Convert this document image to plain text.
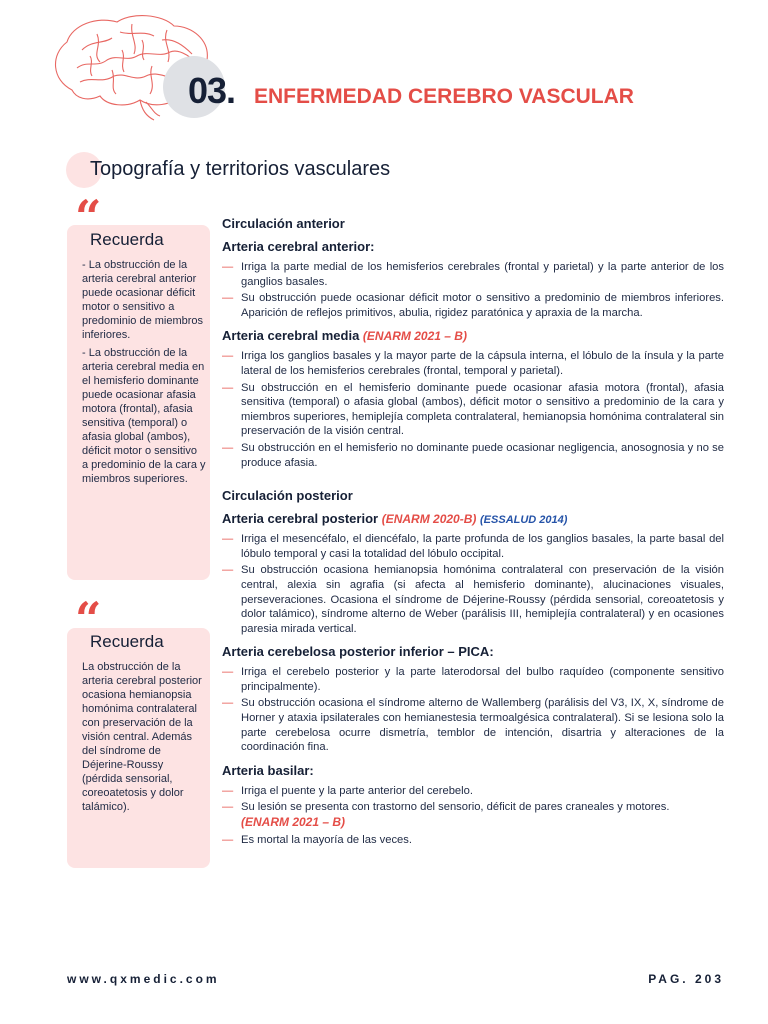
03. ENFERMEDAD CEREBRO VASCULAR
Topografía y territorios vasculares
“
Recuerda

- La obstrucción de la arteria cerebral anterior puede ocasionar déficit motor o sensitivo a predominio de miembros inferiores.

- La obstrucción de la arteria cerebral media en el hemisferio dominante puede ocasionar afasia motora (frontal), afasia sensitiva (temporal) o afasia global (ambos), déficit motor o sensitivo a predominio de la cara y miembros superiores.

“
Recuerda

La obstrucción de la arteria cerebral posterior ocasiona hemianopsia homónima contralateral con preservación de la visión central. Además del síndrome de Déjerine-Roussy (pérdida sensorial, coreoatetosis y dolor talámico).

Circulación anterior
Arteria cerebral anterior:
— Irriga la parte medial de los hemisferios cerebrales (frontal y parietal) y la parte anterior de los ganglios basales.
— Su obstrucción puede ocasionar déficit motor o sensitivo a predominio de miembros inferiores. Aparición de reflejos primitivos, abulia, rigidez paratónica y apraxia de la marcha.
Arteria cerebral media (ENARM 2021 – B)
— Irriga los ganglios basales y la mayor parte de la cápsula interna, el lóbulo de la ínsula y la parte lateral de los hemisferios cerebrales (frontal, temporal y parietal).
— Su obstrucción en el hemisferio dominante puede ocasionar afasia motora (frontal), afasia sensitiva (temporal) o afasia global (ambos), déficit motor o sensitivo a predominio de la cara y miembros superiores, hemiplejía completa contralateral, hemianopsia homónima contralateral sin preservación de la visión central.
— Su obstrucción en el hemisferio no dominante puede ocasionar negligencia, anosognosia y no se produce afasia.
Circulación posterior
Arteria cerebral posterior (ENARM 2020-B) (ESSALUD 2014)
— Irriga el mesencéfalo, el diencéfalo, la parte profunda de los ganglios basales, la parte basal del lóbulo temporal y casi la totalidad del lóbulo occipital.
— Su obstrucción ocasiona hemianopsia homónima contralateral con preservación de la visión central, alexia sin agrafia (si afecta al hemisferio dominante), alucinaciones visuales, perseveraciones. Ocasiona el síndrome de Déjerine-Roussy (pérdida sensorial, coreoatetosis y dolor talámico), síndrome alterno de Weber (parálisis III, hemiplejía contralateral) y en ocasiones paresia mirada vertical.
Arteria cerebelosa posterior inferior – PICA:
— Irriga el cerebelo posterior y la parte laterodorsal del bulbo raquídeo (componente sensitivo principalmente).
— Su obstrucción ocasiona el síndrome alterno de Wallemberg (parálisis del V3, IX, X, síndrome de Horner y ataxia ipsilaterales con hemianestesia termoalgésica contralateral). Si se lesiona solo la parte cerebelosa ocurre dismetría, temblor de intención, disartria y alteraciones de la coordinación fina.
Arteria basilar:
— Irriga el puente y la parte anterior del cerebelo.
— Su lesión se presenta con trastorno del sensorio, déficit de pares craneales y motores.
(ENARM 2021 – B)
— Es mortal la mayoría de las veces.
www.qxmedic.com	PAG. 203
